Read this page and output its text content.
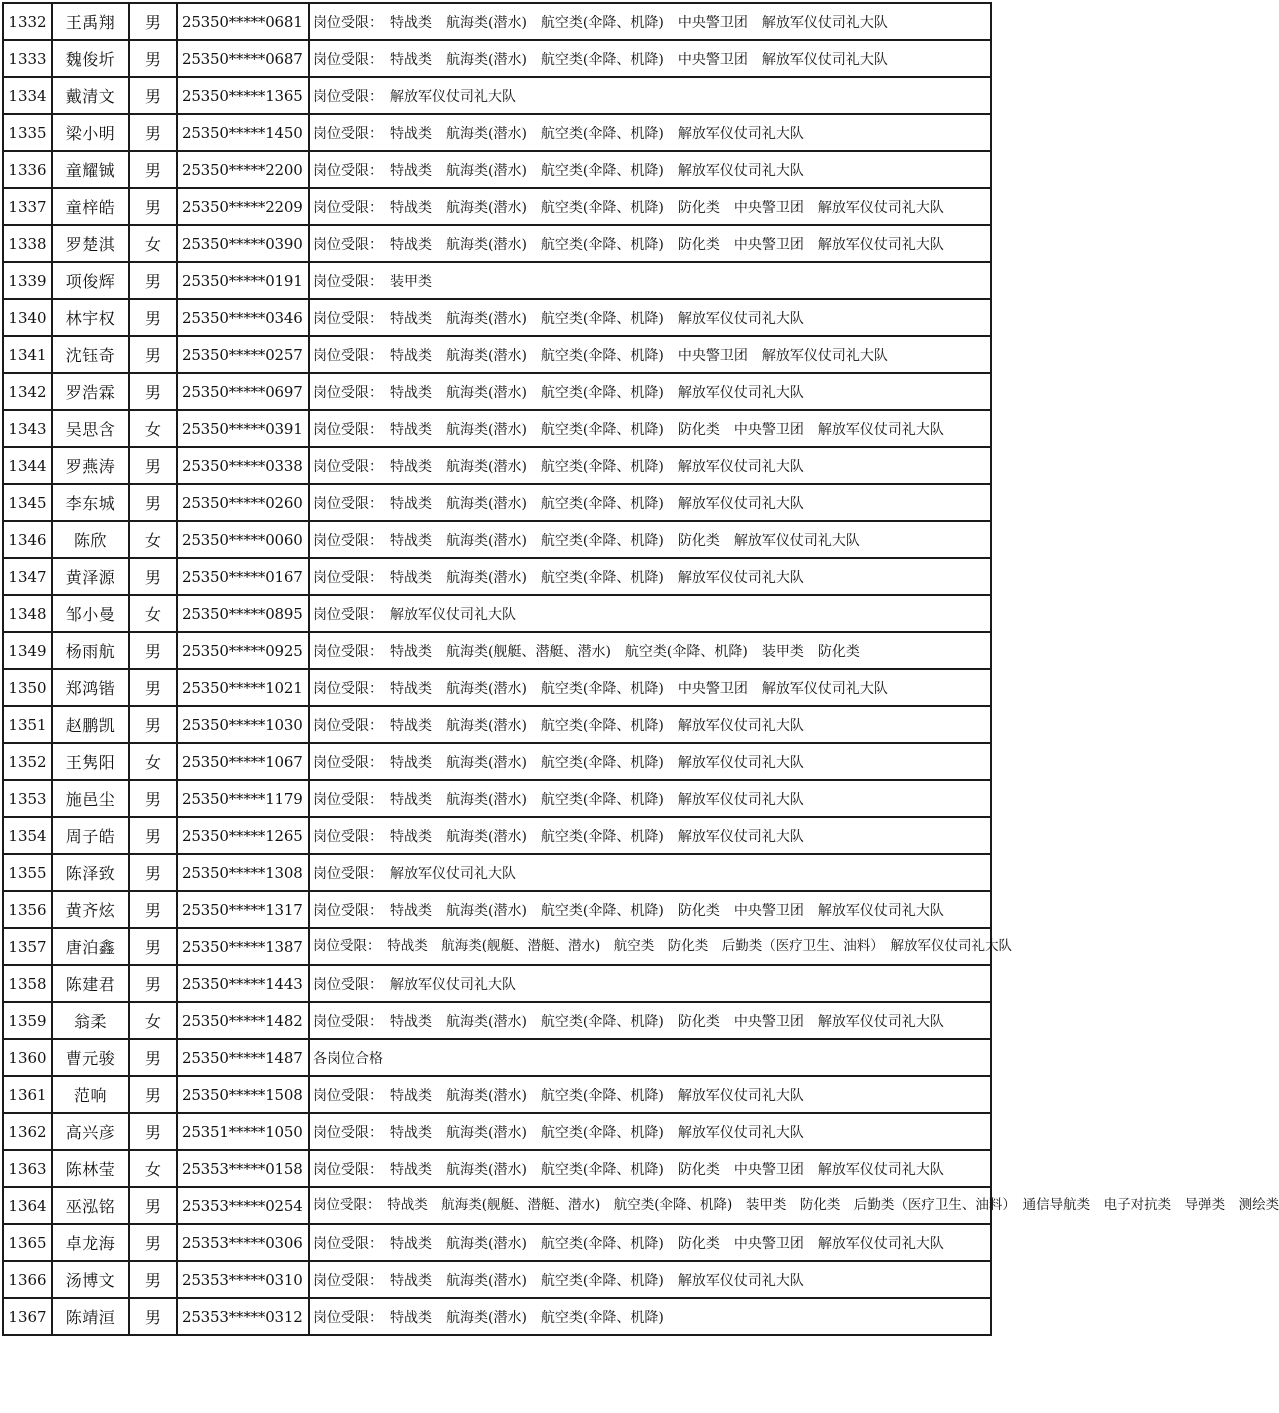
1332	王禹翔	男	25350*****0681	岗位受限：　特战类　航海类(潜水)　航空类(伞降、机降)　中央警卫团　解放军仪仗司礼大队
1333	魏俊圻	男	25350*****0687	岗位受限：　特战类　航海类(潜水)　航空类(伞降、机降)　中央警卫团　解放军仪仗司礼大队
1334	戴清文	男	25350*****1365	岗位受限：　解放军仪仗司礼大队
1335	梁小明	男	25350*****1450	岗位受限：　特战类　航海类(潜水)　航空类(伞降、机降)　解放军仪仗司礼大队
1336	童耀铖	男	25350*****2200	岗位受限：　特战类　航海类(潜水)　航空类(伞降、机降)　解放军仪仗司礼大队
1337	童梓皓	男	25350*****2209	岗位受限：　特战类　航海类(潜水)　航空类(伞降、机降)　防化类　中央警卫团　解放军仪仗司礼大队
1338	罗楚淇	女	25350*****0390	岗位受限：　特战类　航海类(潜水)　航空类(伞降、机降)　防化类　中央警卫团　解放军仪仗司礼大队
1339	项俊辉	男	25350*****0191	岗位受限：　装甲类
1340	林宇权	男	25350*****0346	岗位受限：　特战类　航海类(潜水)　航空类(伞降、机降)　解放军仪仗司礼大队
1341	沈钰奇	男	25350*****0257	岗位受限：　特战类　航海类(潜水)　航空类(伞降、机降)　中央警卫团　解放军仪仗司礼大队
1342	罗浩霖	男	25350*****0697	岗位受限：　特战类　航海类(潜水)　航空类(伞降、机降)　解放军仪仗司礼大队
1343	吴思含	女	25350*****0391	岗位受限：　特战类　航海类(潜水)　航空类(伞降、机降)　防化类　中央警卫团　解放军仪仗司礼大队
1344	罗燕涛	男	25350*****0338	岗位受限：　特战类　航海类(潜水)　航空类(伞降、机降)　解放军仪仗司礼大队
1345	李东城	男	25350*****0260	岗位受限：　特战类　航海类(潜水)　航空类(伞降、机降)　解放军仪仗司礼大队
1346	陈欣	女	25350*****0060	岗位受限：　特战类　航海类(潜水)　航空类(伞降、机降)　防化类　解放军仪仗司礼大队
1347	黄泽源	男	25350*****0167	岗位受限：　特战类　航海类(潜水)　航空类(伞降、机降)　解放军仪仗司礼大队
1348	邹小曼	女	25350*****0895	岗位受限：　解放军仪仗司礼大队
1349	杨雨航	男	25350*****0925	岗位受限：　特战类　航海类(舰艇、潜艇、潜水)　航空类(伞降、机降)　装甲类　防化类
1350	郑鸿锴	男	25350*****1021	岗位受限：　特战类　航海类(潜水)　航空类(伞降、机降)　中央警卫团　解放军仪仗司礼大队
1351	赵鹏凯	男	25350*****1030	岗位受限：　特战类　航海类(潜水)　航空类(伞降、机降)　解放军仪仗司礼大队
1352	王隽阳	女	25350*****1067	岗位受限：　特战类　航海类(潜水)　航空类(伞降、机降)　解放军仪仗司礼大队
1353	施邑尘	男	25350*****1179	岗位受限：　特战类　航海类(潜水)　航空类(伞降、机降)　解放军仪仗司礼大队
1354	周子皓	男	25350*****1265	岗位受限：　特战类　航海类(潜水)　航空类(伞降、机降)　解放军仪仗司礼大队
1355	陈泽致	男	25350*****1308	岗位受限：　解放军仪仗司礼大队
1356	黄齐炫	男	25350*****1317	岗位受限：　特战类　航海类(潜水)　航空类(伞降、机降)　防化类　中央警卫团　解放军仪仗司礼大队
1357	唐泊鑫	男	25350*****1387	岗位受限：　特战类　航海类(舰艇、潜艇、潜水)　航空类　防化类　后勤类（医疗卫生、油料）　解放军仪仗司礼大队
1358	陈建君	男	25350*****1443	岗位受限：　解放军仪仗司礼大队
1359	翁柔	女	25350*****1482	岗位受限：　特战类　航海类(潜水)　航空类(伞降、机降)　防化类　中央警卫团　解放军仪仗司礼大队
1360	曹元骏	男	25350*****1487	各岗位合格
1361	范响	男	25350*****1508	岗位受限：　特战类　航海类(潜水)　航空类(伞降、机降)　解放军仪仗司礼大队
1362	高兴彦	男	25351*****1050	岗位受限：　特战类　航海类(潜水)　航空类(伞降、机降)　解放军仪仗司礼大队
1363	陈林莹	女	25353*****0158	岗位受限：　特战类　航海类(潜水)　航空类(伞降、机降)　防化类　中央警卫团　解放军仪仗司礼大队
1364	巫泓铭	男	25353*****0254	岗位受限：　特战类　航海类(舰艇、潜艇、潜水)　航空类(伞降、机降)　装甲类　防化类　后勤类（医疗卫生、油料）　通信导航类　电子对抗类　导弹类　测绘类
1365	卓龙海	男	25353*****0306	岗位受限：　特战类　航海类(潜水)　航空类(伞降、机降)　防化类　中央警卫团　解放军仪仗司礼大队
1366	汤博文	男	25353*****0310	岗位受限：　特战类　航海类(潜水)　航空类(伞降、机降)　解放军仪仗司礼大队
1367	陈靖洹	男	25353*****0312	岗位受限：　特战类　航海类(潜水)　航空类(伞降、机降)
